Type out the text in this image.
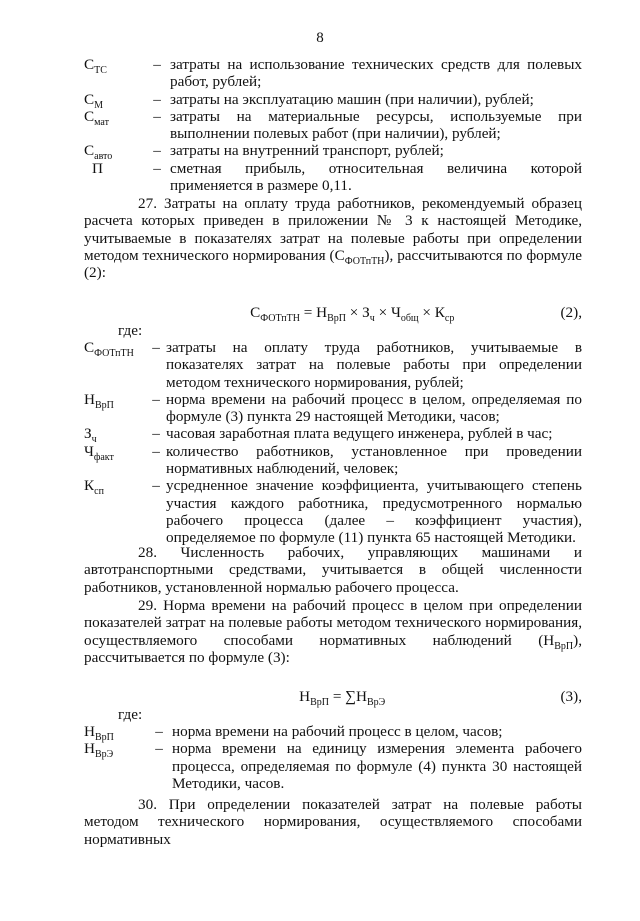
8
$C_{ТС}$	– затраты на использование технических средств для полевых работ, рублей;
$С_М$	– затраты на эксплуатацию машин (при наличии), рублей;
$С_{мат}$	– затраты на материальные ресурсы, используемые при выполнении полевых работ (при наличии), рублей;
$С_{авто}$	– затраты на внутренний транспорт, рублей;
П	– сметная прибыль, относительная величина которой применяется в размере 0,11.
27. Затраты на оплату труда работников, рекомендуемый образец расчета которых приведен в приложении № 3 к настоящей Методике, учитываемые в показателях затрат на полевые работы при определении методом технического нормирования $(С_{ФОТпТН})$, рассчитываются по формуле (2):
$C_{ФОТпТН} = Н_{ВрП} \times З_ч \times Ч_{общ} \times К_{ср}$	(2),
где:
$С_{ФОТпТН}$	– затраты на оплату труда работников, учитываемые в показателях затрат на полевые работы при определении методом технического нормирования, рублей;
$Н_{ВрП}$	– норма времени на рабочий процесс в целом, определяемая по формуле (3) пункта 29 настоящей Методики, часов;
$З_ч$	– часовая заработная плата ведущего инженера, рублей в час;
$Ч_{факт}$	– количество работников, установленное при проведении нормативных наблюдений, человек;
$К_{сп}$	– усредненное значение коэффициента, учитывающего степень участия каждого работника, предусмотренного нормалью рабочего процесса (далее – коэффициент участия), определяемое по формуле (11) пункта 65 настоящей Методики.
28. Численность рабочих, управляющих машинами и автотранспортными средствами, учитывается в общей численности работников, установленной нормалью рабочего процесса.
29. Норма времени на рабочий процесс в целом при определении показателей затрат на полевые работы методом технического нормирования, осуществляемого способами нормативных наблюдений $(Н_{ВрП})$, рассчитывается по формуле (3):
$Н_{ВрП} = \sum Н_{ВрЭ}$	(3),
где:
$Н_{ВрП}$	– норма времени на рабочий процесс в целом, часов;
$Н_{ВрЭ}$	– норма времени на единицу измерения элемента рабочего процесса, определяемая по формуле (4) пункта 30 настоящей Методики, часов.
30. При определении показателей затрат на полевые работы методом технического нормирования, осуществляемого способами нормативных
